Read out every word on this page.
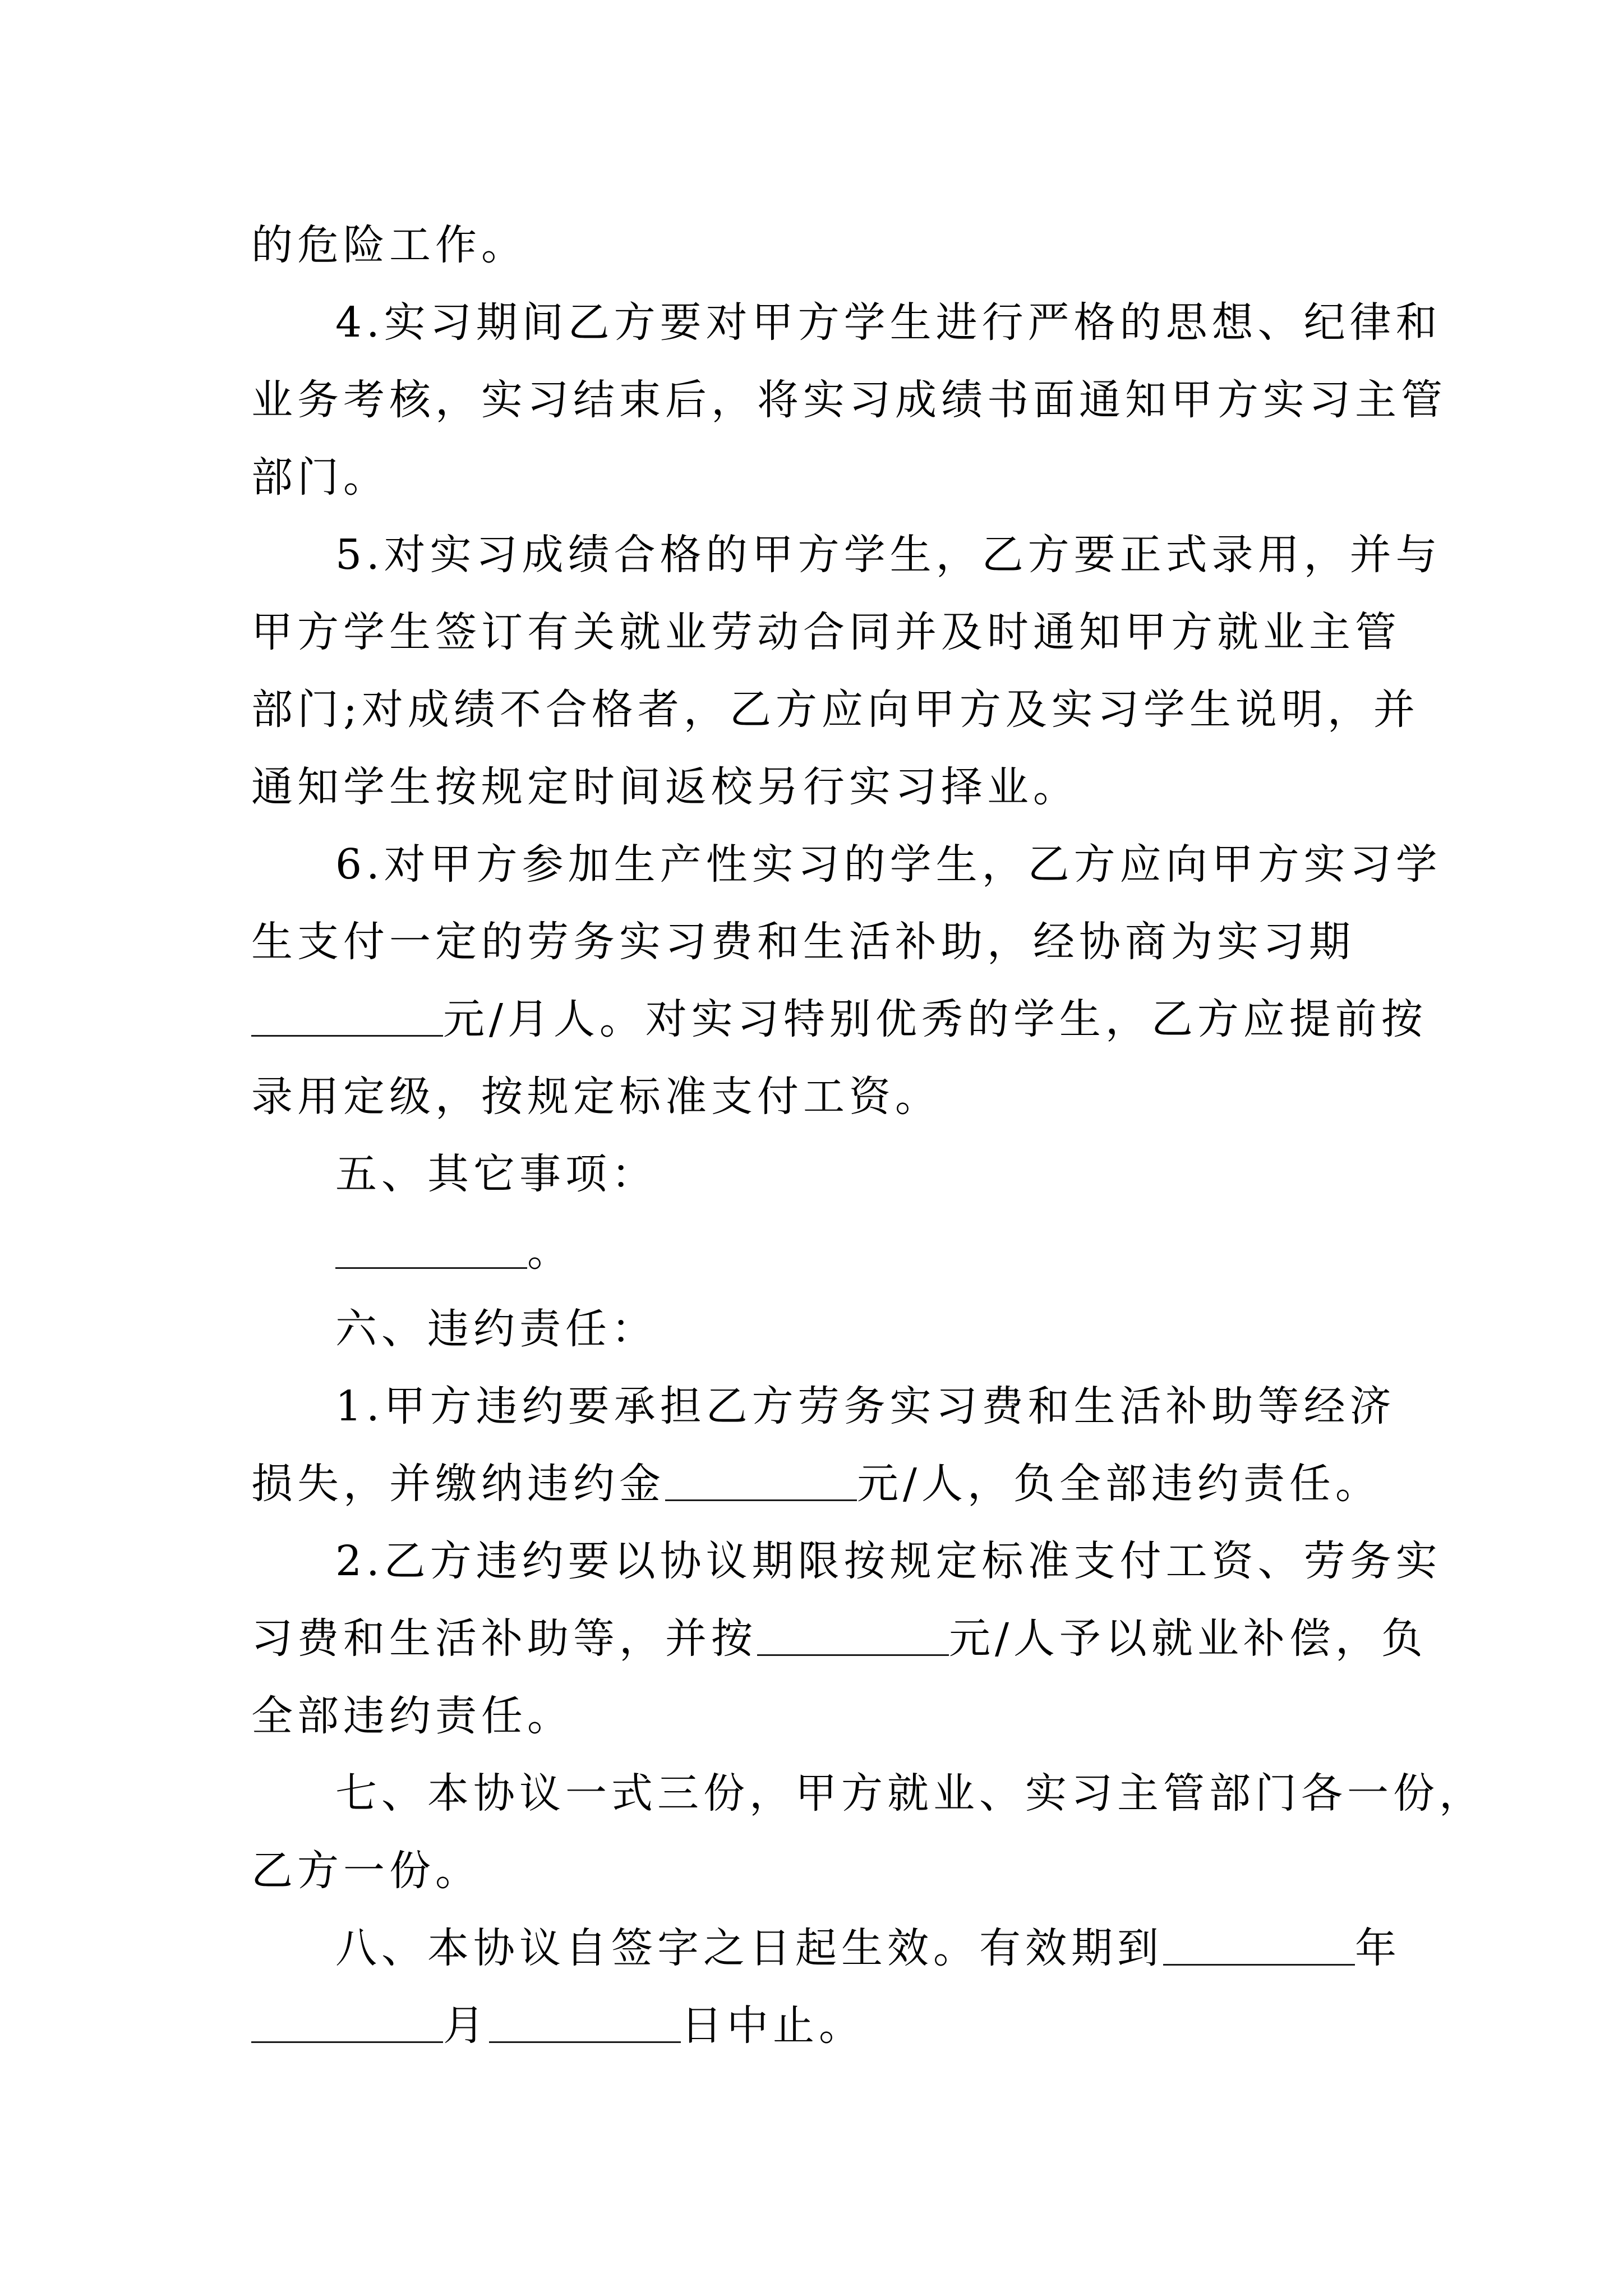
的危险工作。

4.实习期间乙方要对甲方学生进行严格的思想、纪律和
业务考核，实习结束后，将实习成绩书面通知甲方实习主管
部门。

5.对实习成绩合格的甲方学生，乙方要正式录用，并与
甲方学生签订有关就业劳动合同并及时通知甲方就业主管
部门;对成绩不合格者，乙方应向甲方及实习学生说明，并
通知学生按规定时间返校另行实习择业。

6.对甲方参加生产性实习的学生，乙方应向甲方实习学
生支付一定的劳务实习费和生活补助，经协商为实习期
元/月人。对实习特别优秀的学生，乙方应提前按
录用定级，按规定标准支付工资。

五、其它事项：

。

六、违约责任：

1.甲方违约要承担乙方劳务实习费和生活补助等经济
损失，并缴纳违约金	元/人，负全部违约责任。

2.乙方违约要以协议期限按规定标准支付工资、劳务实
习费和生活补助等，并按	元/人予以就业补偿，负
全部违约责任。

七、本协议一式三份，甲方就业、实习主管部门各一份，
乙方一份。

八、本协议自签字之日起生效。有效期到	年
月	日中止。
